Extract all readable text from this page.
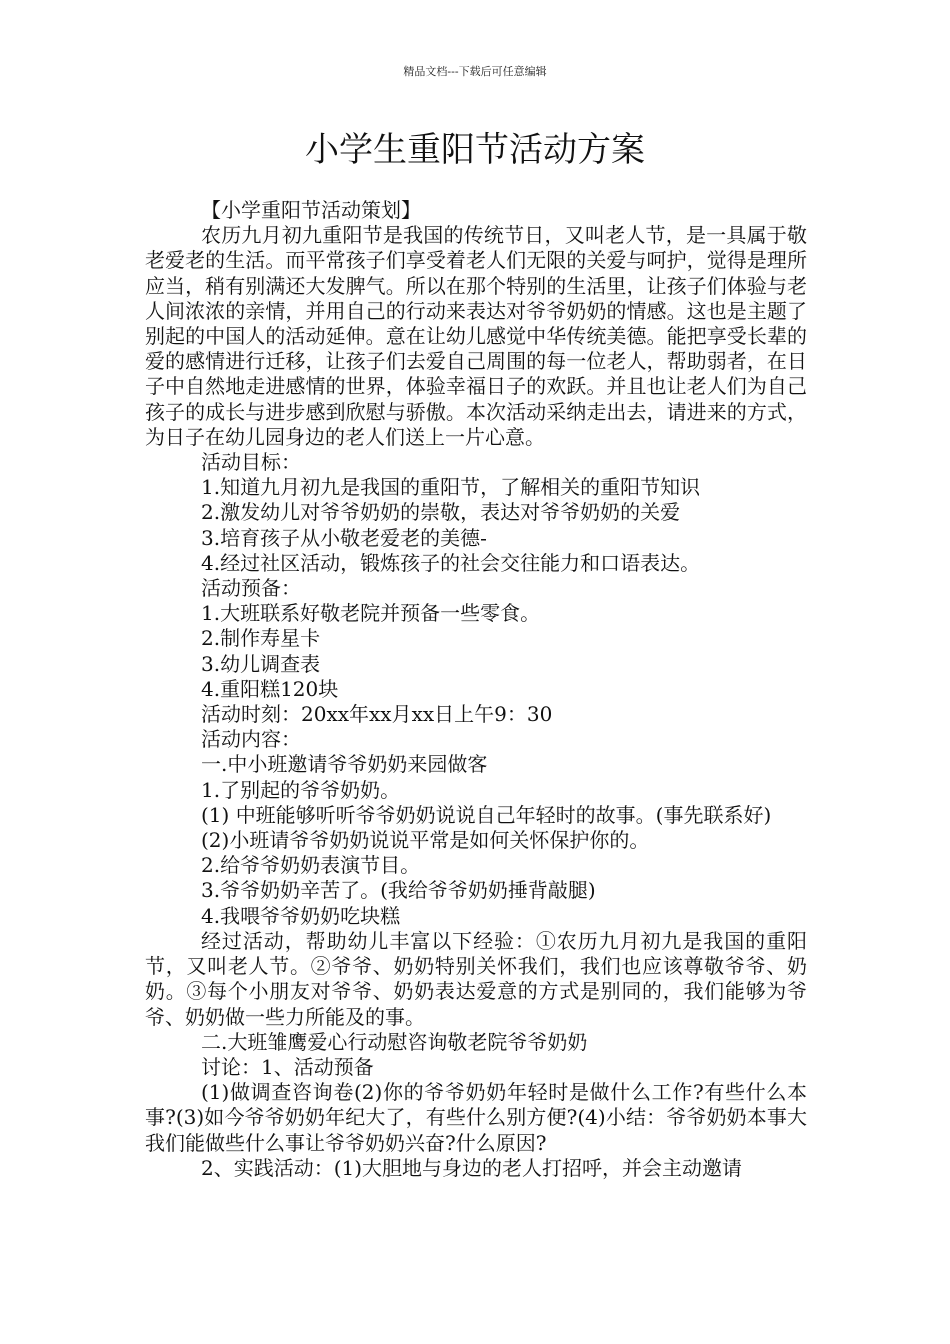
精品文档---下载后可任意编辑
小学生重阳节活动方案

【小学重阳节活动策划】

农历九月初九重阳节是我国的传统节日，又叫老人节，是一具属于敬老爱老的生活。而平常孩子们享受着老人们无限的关爱与呵护，觉得是理所应当，稍有别满还大发脾气。所以在那个特别的生活里，让孩子们体验与老人间浓浓的亲情，并用自己的行动来表达对爷爷奶奶的情感。这也是主题了别起的中国人的活动延伸。意在让幼儿感觉中华传统美德。能把享受长辈的爱的感情进行迁移，让孩子们去爱自己周围的每一位老人，帮助弱者，在日子中自然地走进感情的世界，体验幸福日子的欢跃。并且也让老人们为自己孩子的成长与进步感到欣慰与骄傲。本次活动采纳走出去，请进来的方式，为日子在幼儿园身边的老人们送上一片心意。

活动目标：

1.知道九月初九是我国的重阳节，了解相关的重阳节知识

2.激发幼儿对爷爷奶奶的崇敬，表达对爷爷奶奶的关爱

3.培育孩子从小敬老爱老的美德-

4.经过社区活动，锻炼孩子的社会交往能力和口语表达。

活动预备：

1.大班联系好敬老院并预备一些零食。

2.制作寿星卡

3.幼儿调查表

4.重阳糕120块

活动时刻：20xx年xx月xx日上午9：30

活动内容：

一.中小班邀请爷爷奶奶来园做客

1.了别起的爷爷奶奶。

(1) 中班能够听听爷爷奶奶说说自己年轻时的故事。(事先联系好)

(2)小班请爷爷奶奶说说平常是如何关怀保护你的。

2.给爷爷奶奶表演节目。

3.爷爷奶奶辛苦了。(我给爷爷奶奶捶背敲腿)

4.我喂爷爷奶奶吃块糕

经过活动，帮助幼儿丰富以下经验：①农历九月初九是我国的重阳节，又叫老人节。②爷爷、奶奶特别关怀我们，我们也应该尊敬爷爷、奶奶。③每个小朋友对爷爷、奶奶表达爱意的方式是别同的，我们能够为爷爷、奶奶做一些力所能及的事。

二.大班雏鹰爱心行动慰咨询敬老院爷爷奶奶

讨论：1、活动预备

(1)做调查咨询卷(2)你的爷爷奶奶年轻时是做什么工作?有些什么本事?(3)如今爷爷奶奶年纪大了，有些什么别方便?(4)小结：爷爷奶奶本事大我们能做些什么事让爷爷奶奶兴奋?什么原因?

2、实践活动：(1)大胆地与身边的老人打招呼，并会主动邀请
